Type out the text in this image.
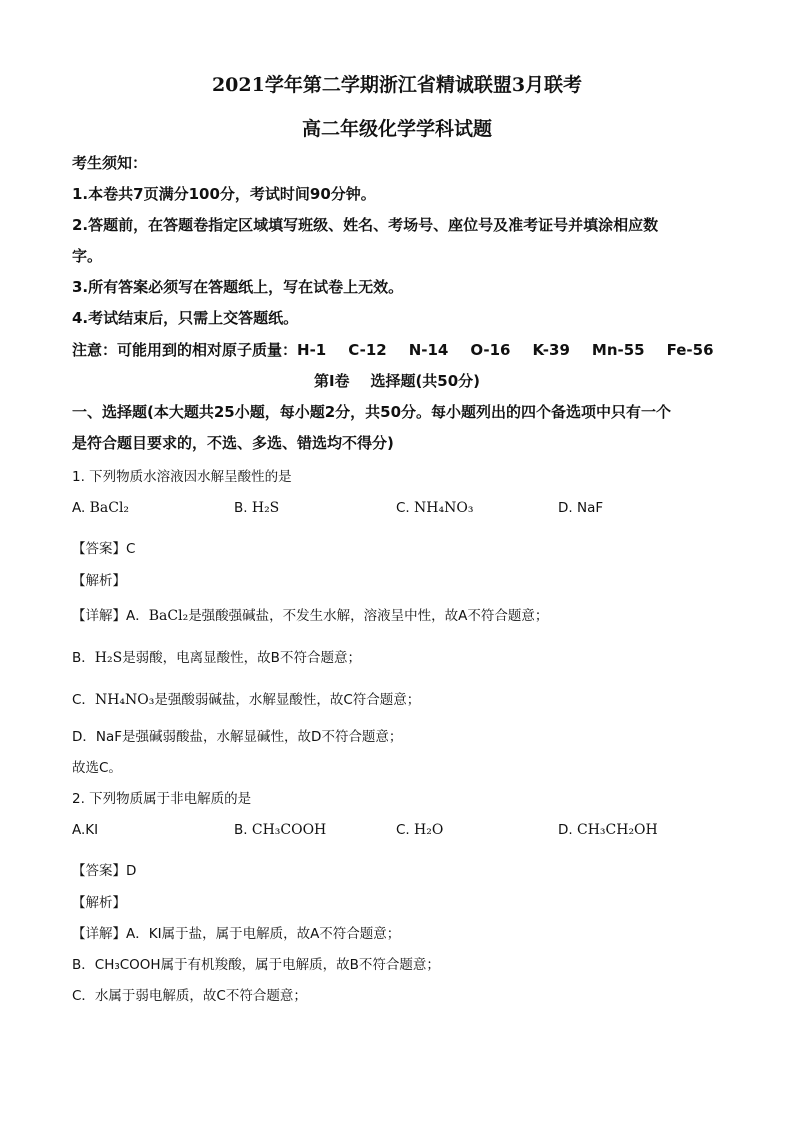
2021学年第二学期浙江省精诚联盟3月联考
高二年级化学学科试题
考生须知：
1.本卷共7页满分100分，考试时间90分钟。
2.答题前，在答题卷指定区域填写班级、姓名、考场号、座位号及准考证号并填涂相应数
字。
3.所有答案必须写在答题纸上，写在试卷上无效。
4.考试结束后，只需上交答题纸。
注意：可能用到的相对原子质量：H-1 C-12 N-14 O-16 K-39 Mn-55 Fe-56
第Ⅰ卷    选择题(共50分)
一、选择题(本大题共25小题，每小题2分，共50分。每小题列出的四个备选项中只有一个
是符合题目要求的，不选、多选、错选均不得分)
1. 下列物质水溶液因水解呈酸性的是
A. BaCl₂	B. H₂S	C. NH₄NO₃	D. NaF
【答案】C
【解析】
【详解】A．BaCl₂是强酸强碱盐，不发生水解，溶液呈中性，故A不符合题意；
B．H₂S是弱酸，电离显酸性，故B不符合题意；
C．NH₄NO₃是强酸弱碱盐，水解显酸性，故C符合题意；
D．NaF是强碱弱酸盐，水解显碱性，故D不符合题意；
故选C。
2. 下列物质属于非电解质的是
A.KI	B. CH₃COOH	C. H₂O	D. CH₃CH₂OH
【答案】D
【解析】
【详解】A．KI属于盐，属于电解质，故A不符合题意；
B．CH₃COOH属于有机羧酸，属于电解质，故B不符合题意；
C．水属于弱电解质，故C不符合题意；
